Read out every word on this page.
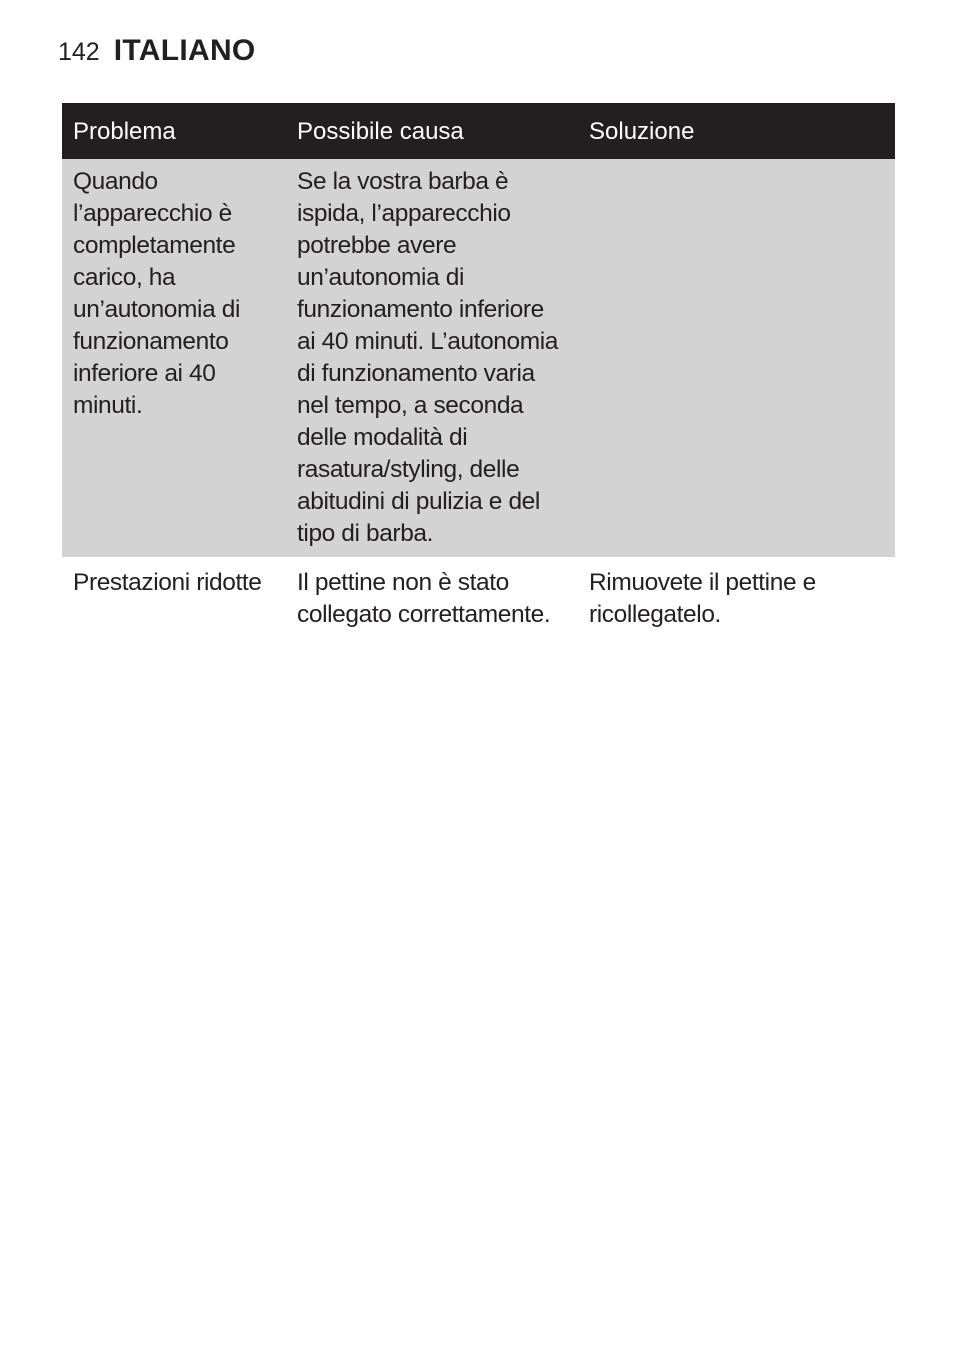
142 ITALIANO
Problema	Possibile causa	Soluzione
Quando l’apparecchio è completamente carico, ha un’autonomia di funzionamento inferiore ai 40 minuti.	Se la vostra barba è ispida, l’apparecchio potrebbe avere un’autonomia di funzionamento inferiore ai 40 minuti. L’autonomia di funzionamento varia nel tempo, a seconda delle modalità di rasatura/styling, delle abitudini di pulizia e del tipo di barba.	
Prestazioni ridotte	Il pettine non è stato collegato correttamente.	Rimuovete il pettine e ricollegatelo.
